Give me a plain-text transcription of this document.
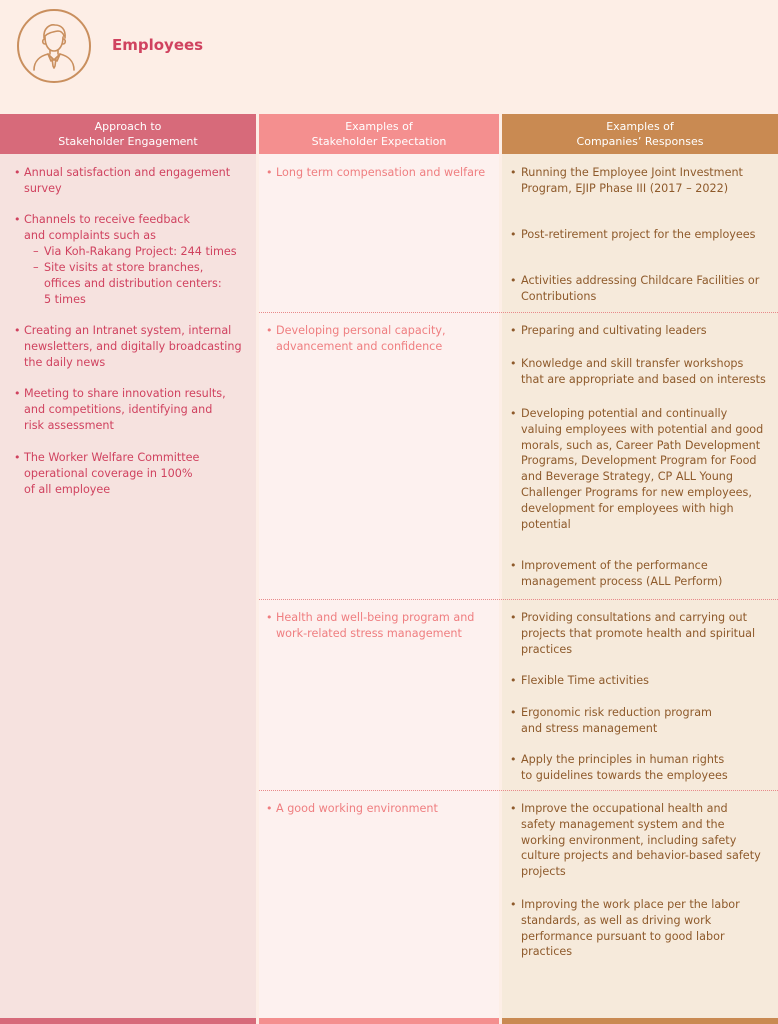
Employees
Approach to
Stakeholder Engagement
Examples of
Stakeholder Expectation
Examples of
Companies’ Responses
• Annual satisfaction and engagement
survey
• Channels to receive feedback
and complaints such as
– Via Koh-Rakang Project: 244 times
– Site visits at store branches,
offices and distribution centers:
5 times
• Creating an Intranet system, internal
newsletters, and digitally broadcasting
the daily news
• Meeting to share innovation results,
and competitions, identifying and
risk assessment
• The Worker Welfare Committee
operational coverage in 100%
of all employee
• Long term compensation and welfare
• Developing personal capacity,
advancement and confidence
• Health and well-being program and
work-related stress management
• A good working environment
• Running the Employee Joint Investment
Program, EJIP Phase III (2017 – 2022)
• Post-retirement project for the employees
• Activities addressing Childcare Facilities or
Contributions
• Preparing and cultivating leaders
• Knowledge and skill transfer workshops
that are appropriate and based on interests
• Developing potential and continually
valuing employees with potential and good
morals, such as, Career Path Development
Programs, Development Program for Food
and Beverage Strategy, CP ALL Young
Challenger Programs for new employees,
development for employees with high
potential
• Improvement of the performance
management process (ALL Perform)
• Providing consultations and carrying out
projects that promote health and spiritual
practices
• Flexible Time activities
• Ergonomic risk reduction program
and stress management
• Apply the principles in human rights
to guidelines towards the employees
• Improve the occupational health and
safety management system and the
working environment, including safety
culture projects and behavior-based safety
projects
• Improving the work place per the labor
standards, as well as driving work
performance pursuant to good labor
practices
